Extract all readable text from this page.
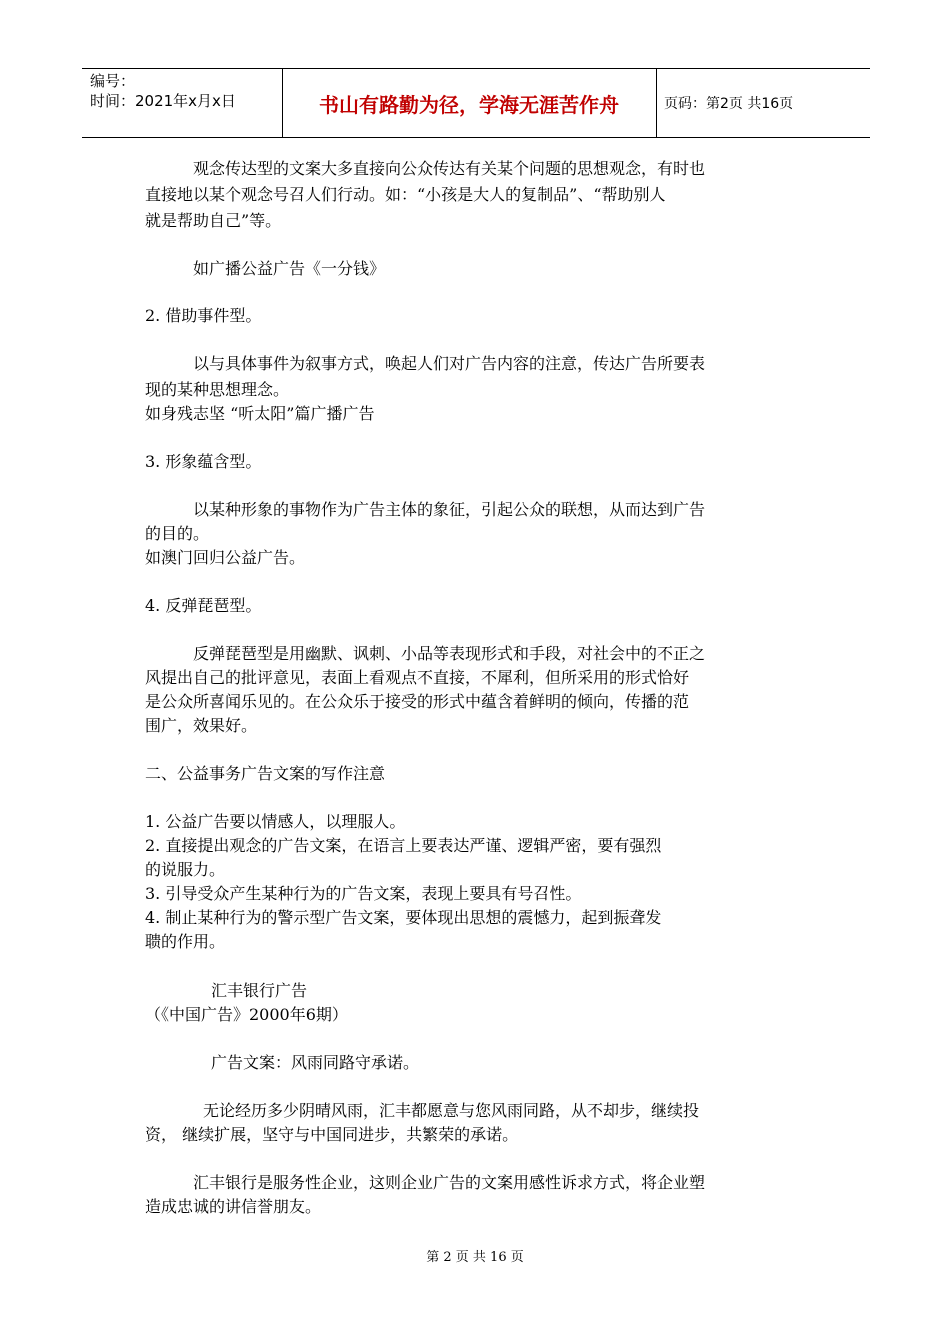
编号：
时间：2021年x月x日	书山有路勤为径，学海无涯苦作舟	页码：第2页 共16页
观念传达型的文案大多直接向公众传达有关某个问题的思想观念，有时也
直接地以某个观念号召人们行动。如：“小孩是大人的复制品”、“帮助别人
就是帮助自己”等。
如广播公益广告《一分钱》
2. 借助事件型。
以与具体事件为叙事方式，唤起人们对广告内容的注意，传达广告所要表
现的某种思想理念。
如身残志坚 “听太阳”篇广播广告
3. 形象蕴含型。
以某种形象的事物作为广告主体的象征，引起公众的联想，从而达到广告
的目的。
如澳门回归公益广告。
4. 反弹琵琶型。
反弹琵琶型是用幽默、讽刺、小品等表现形式和手段，对社会中的不正之
风提出自己的批评意见，表面上看观点不直接，不犀利，但所采用的形式恰好
是公众所喜闻乐见的。在公众乐于接受的形式中蕴含着鲜明的倾向，传播的范
围广，效果好。
二、公益事务广告文案的写作注意
1. 公益广告要以情感人，以理服人。
2. 直接提出观念的广告文案，在语言上要表达严谨、逻辑严密，要有强烈
的说服力。
3. 引导受众产生某种行为的广告文案，表现上要具有号召性。
4. 制止某种行为的警示型广告文案，要体现出思想的震憾力，起到振聋发
聩的作用。
汇丰银行广告
（《中国广告》2000年6期）
广告文案：风雨同路守承诺。
无论经历多少阴晴风雨，汇丰都愿意与您风雨同路，从不却步，继续投
资， 继续扩展，坚守与中国同进步，共繁荣的承诺。
汇丰银行是服务性企业，这则企业广告的文案用感性诉求方式，将企业塑
造成忠诚的讲信誉朋友。
第 2 页 共 16 页
